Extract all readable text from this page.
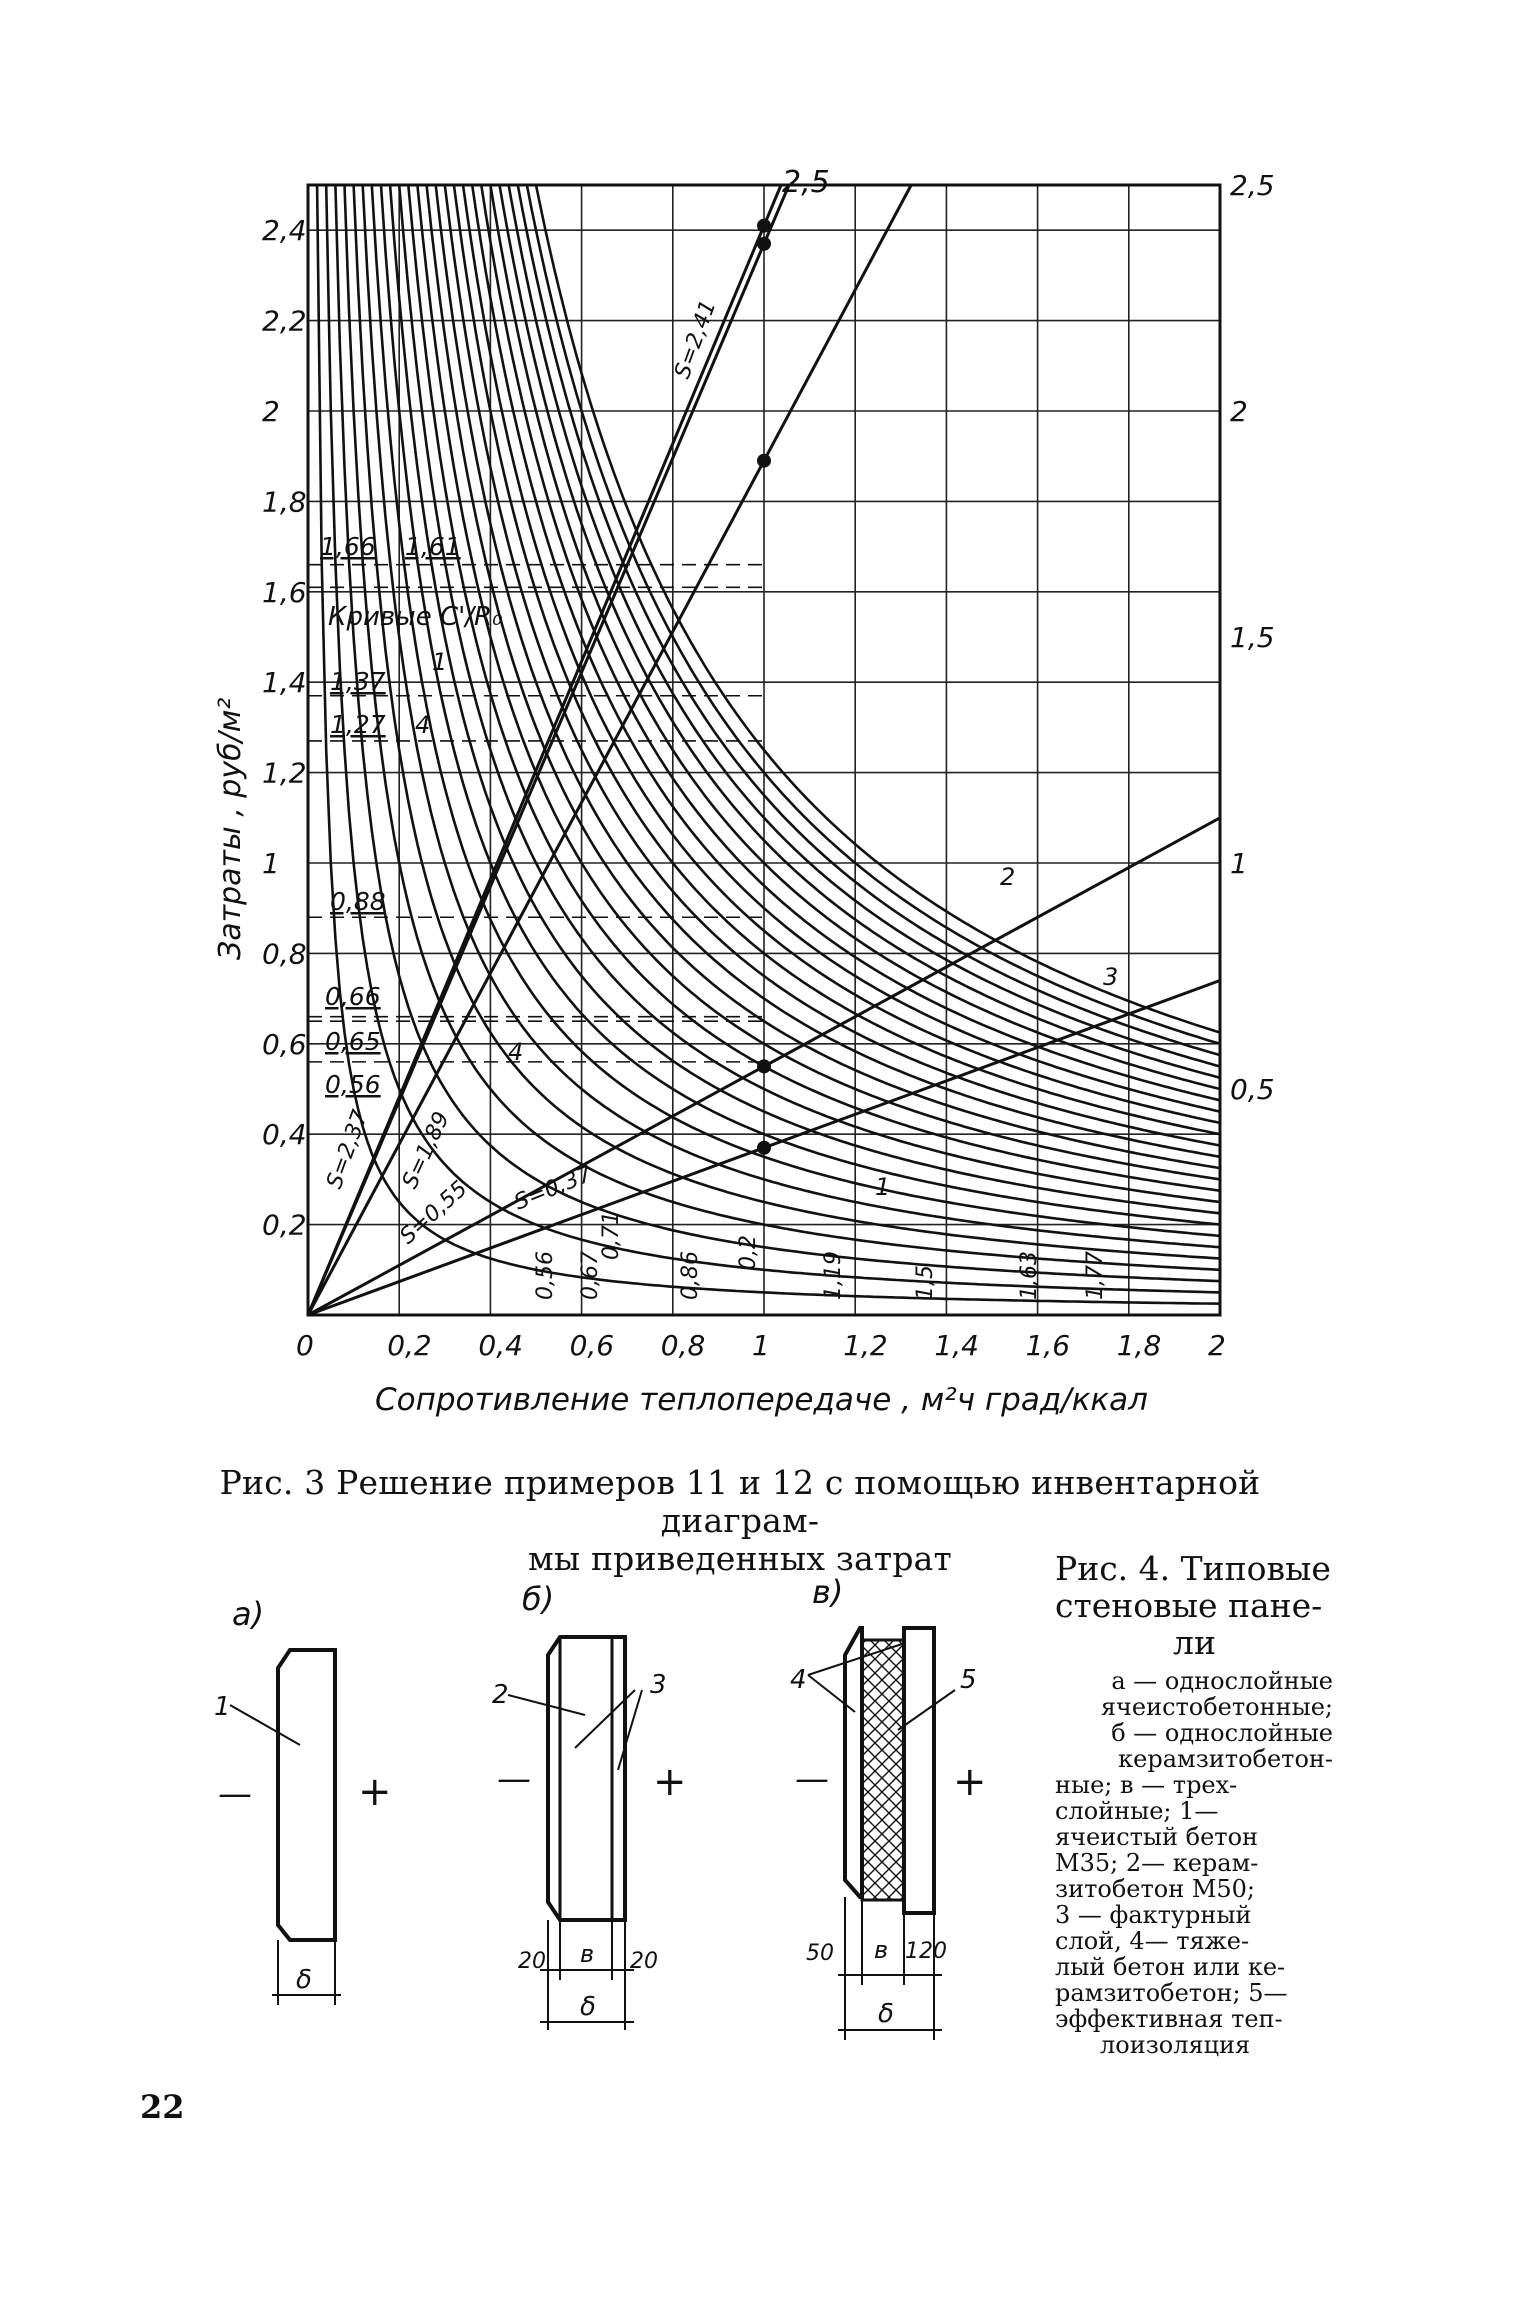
0,2
0,4
0,6
0,8
1
1,2
1,4
1,6
1,8
2
2,2
2,4
0,5
1
1,5
2
2,5
0	0,2 0,4 0,6 0,8 1	1,2 1,4 1,6 1,8 2
Затраты , руб/м²
Сопротивление теплопередаче , м²ч град/ккал
2,5
Кривые C'/R₀
1,66 1,61
1,37
1,27
0,88
0,66
0,65
0,56
1
4
2
3
4
1
0,56 0,67
0,71
0,86 0,2	1,19	1,5	1,63 1,77
S=2,41
S=2,37 S=1,89
S=0,55 S=0,37
Рис. 3 Решение примеров 11 и 12 с помощью инвентарной диаграм-
мы приведенных затрат
а)
1
—	+
δ
б)
2	3
—	+
20 в 20
δ
в)
4	5
—	+
50 в 120
δ
Рис. 4. Типовые
стеновые пане-
ли

а — однослойные

ячеистобетонные;

б — однослойные

керамзитобетон-

ные; в — трех-

слойные; 1—

ячеистый бетон

М35; 2— керам-

зитобетон М50;

3 — фактурный

слой, 4— тяже-

лый бетон или ке-

рамзитобетон; 5—

эффективная теп-

лоизоляция

22
